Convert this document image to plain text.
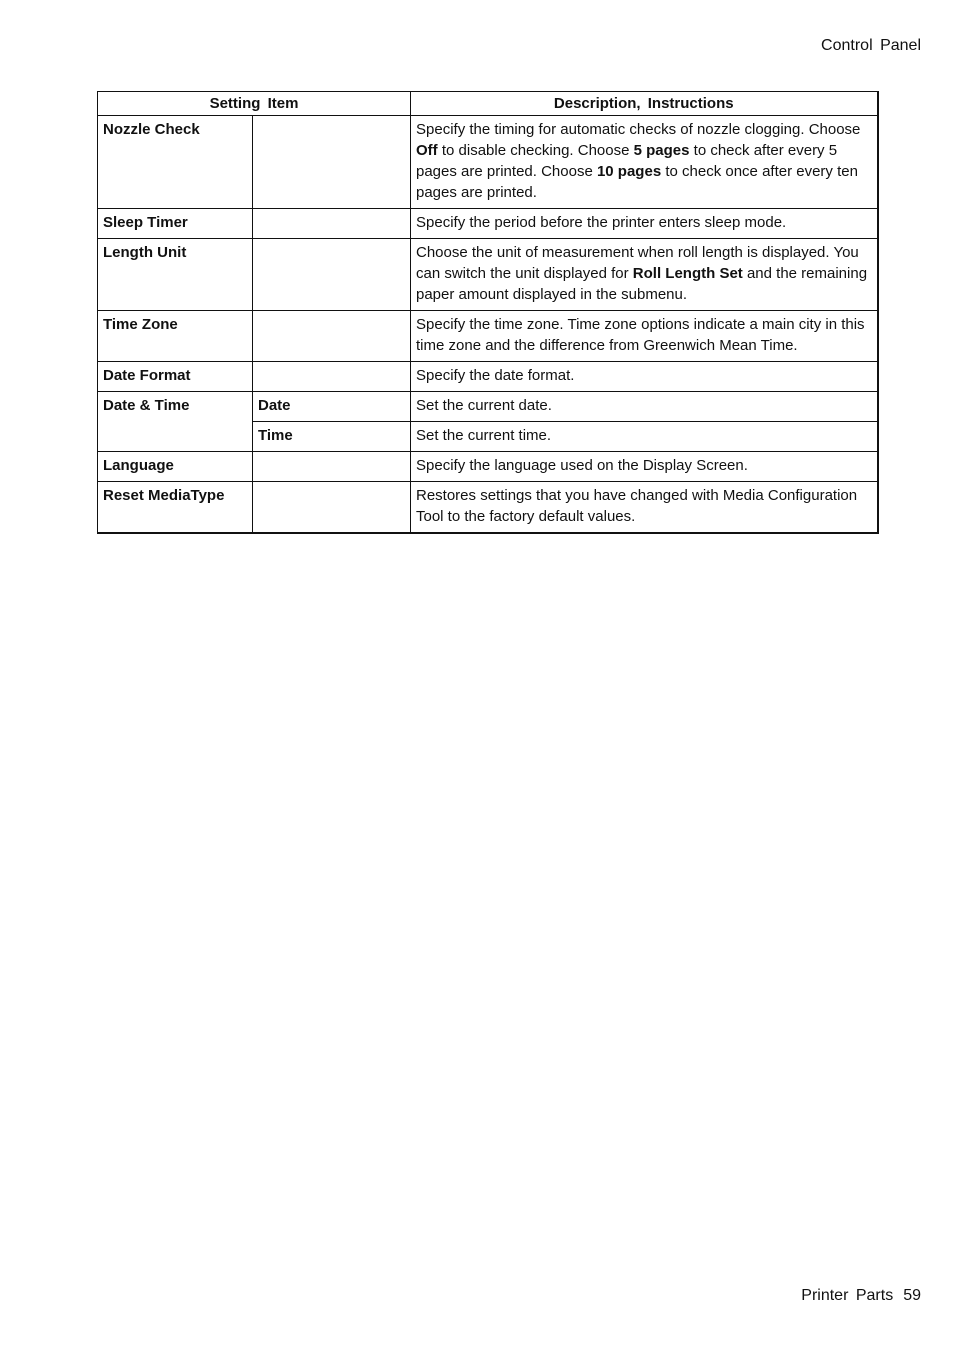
Control Panel
Setting Item		Description, Instructions
Nozzle Check		Specify the timing for automatic checks of nozzle clogging. Choose Off to disable checking. Choose 5 pages to check after every 5 pages are printed. Choose 10 pages to check once after every ten pages are printed.
Sleep Timer		Specify the period before the printer enters sleep mode.
Length Unit		Choose the unit of measurement when roll length is displayed. You can switch the unit displayed for Roll Length Set and the remaining paper amount displayed in the submenu.
Time Zone		Specify the time zone. Time zone options indicate a main city in this time zone and the difference from Greenwich Mean Time.
Date Format		Specify the date format.
Date & Time	Date	Set the current date.
	Time	Set the current time.
Language		Specify the language used on the Display Screen.
Reset MediaType		Restores settings that you have changed with Media Configuration Tool to the factory default values.
Printer Parts 59
